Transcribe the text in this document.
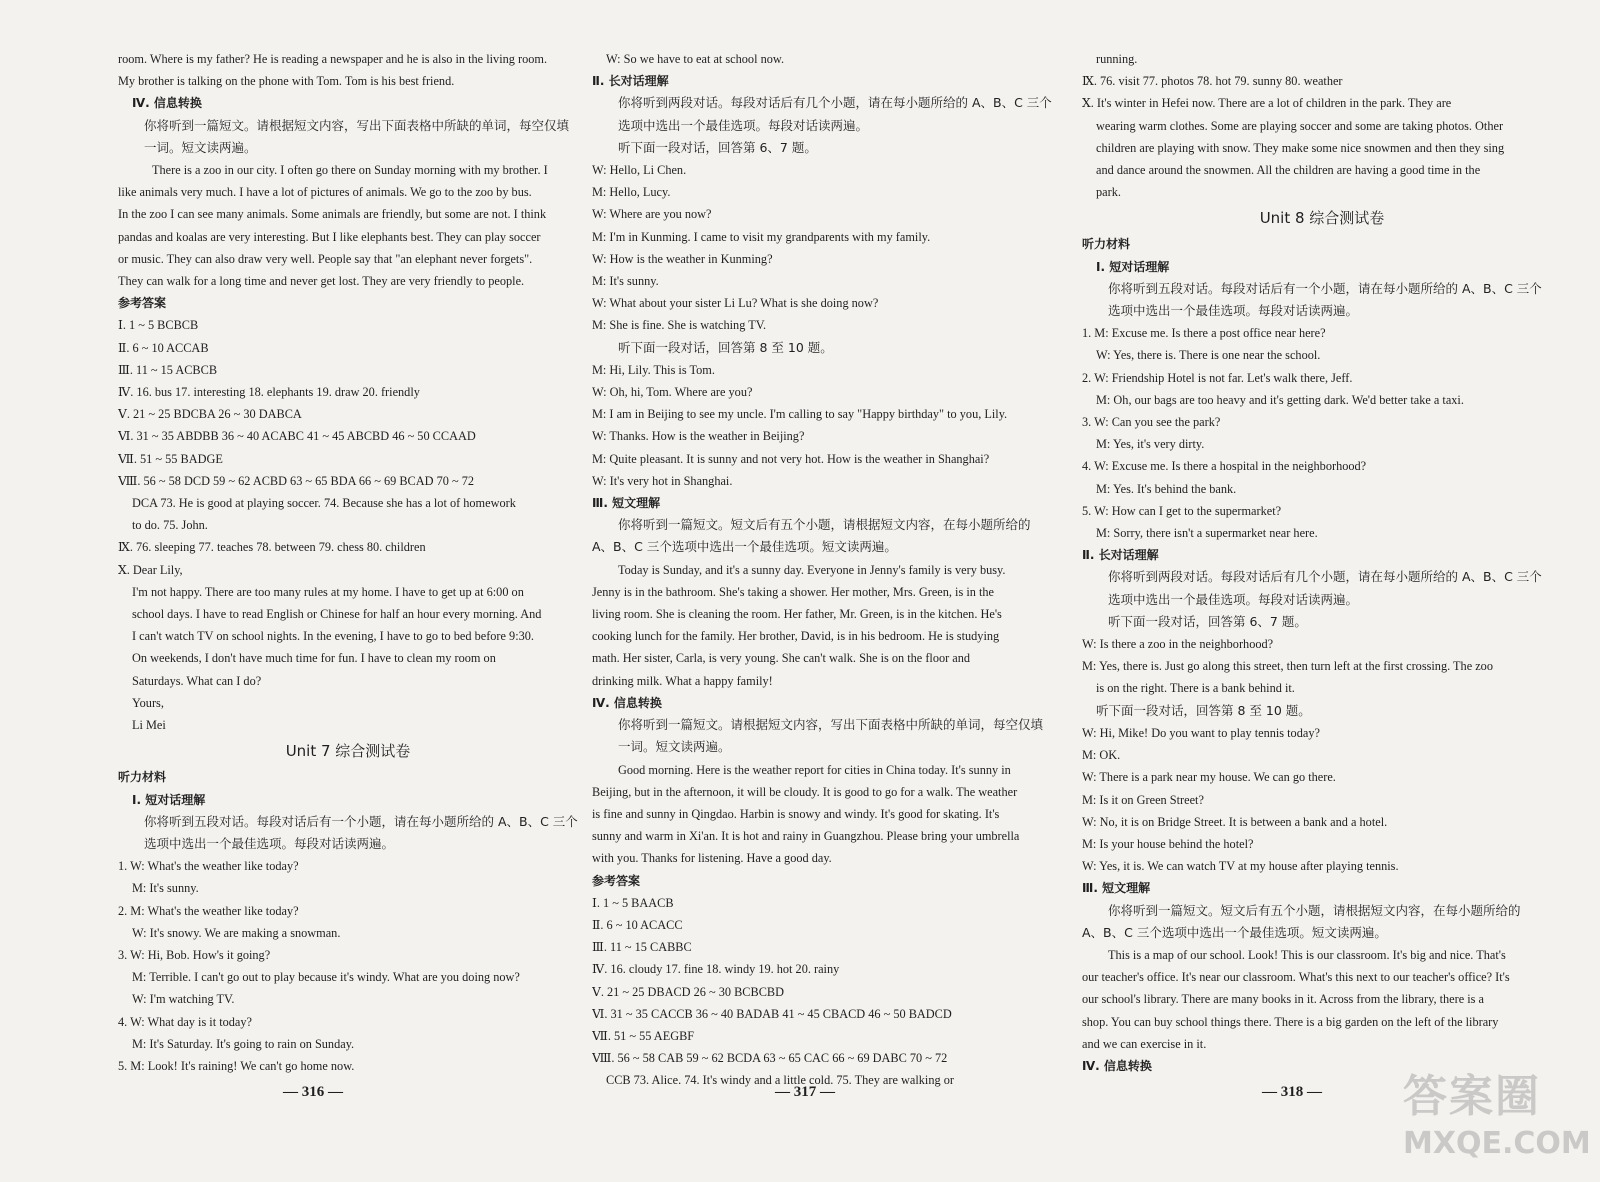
room. Where is my father? He is reading a newspaper and he is also in the living room.
My brother is talking on the phone with Tom. Tom is his best friend.
Ⅳ. 信息转换
你将听到一篇短文。请根据短文内容，写出下面表格中所缺的单词，每空仅填
一词。短文读两遍。
There is a zoo in our city. I often go there on Sunday morning with my brother. I
like animals very much. I have a lot of pictures of animals. We go to the zoo by bus.
In the zoo I can see many animals. Some animals are friendly, but some are not. I think
pandas and koalas are very interesting. But I like elephants best. They can play soccer
or music. They can also draw very well. People say that "an elephant never forgets".
They can walk for a long time and never get lost. They are very friendly to people.
参考答案
Ⅰ. 1 ~ 5 BCBCB
Ⅱ. 6 ~ 10 ACCAB
Ⅲ. 11 ~ 15 ACBCB
Ⅳ. 16. bus 17. interesting 18. elephants 19. draw 20. friendly
Ⅴ. 21 ~ 25 BDCBA 26 ~ 30 DABCA
Ⅵ. 31 ~ 35 ABDBB 36 ~ 40 ACABC 41 ~ 45 ABCBD 46 ~ 50 CCAAD
Ⅶ. 51 ~ 55 BADGE
Ⅷ. 56 ~ 58 DCD 59 ~ 62 ACBD 63 ~ 65 BDA 66 ~ 69 BCAD 70 ~ 72
DCA 73. He is good at playing soccer. 74. Because she has a lot of homework
to do. 75. John.
Ⅸ. 76. sleeping 77. teaches 78. between 79. chess 80. children
Ⅹ. Dear Lily,
I'm not happy. There are too many rules at my home. I have to get up at 6:00 on
school days. I have to read English or Chinese for half an hour every morning. And
I can't watch TV on school nights. In the evening, I have to go to bed before 9:30.
On weekends, I don't have much time for fun. I have to clean my room on
Saturdays. What can I do?
Yours,
Li Mei
Unit 7 综合测试卷
听力材料
Ⅰ. 短对话理解
你将听到五段对话。每段对话后有一个小题，请在每小题所给的 A、B、C 三个
选项中选出一个最佳选项。每段对话读两遍。
1. W: What's the weather like today?
M: It's sunny.
2. M: What's the weather like today?
W: It's snowy. We are making a snowman.
3. W: Hi, Bob. How's it going?
M: Terrible. I can't go out to play because it's windy. What are you doing now?
W: I'm watching TV.
4. W: What day is it today?
M: It's Saturday. It's going to rain on Sunday.
5. M: Look! It's raining! We can't go home now.
W: So we have to eat at school now.
Ⅱ. 长对话理解
你将听到两段对话。每段对话后有几个小题，请在每小题所给的 A、B、C 三个
选项中选出一个最佳选项。每段对话读两遍。
听下面一段对话，回答第 6、7 题。
W: Hello, Li Chen.
M: Hello, Lucy.
W: Where are you now?
M: I'm in Kunming. I came to visit my grandparents with my family.
W: How is the weather in Kunming?
M: It's sunny.
W: What about your sister Li Lu? What is she doing now?
M: She is fine. She is watching TV.
听下面一段对话，回答第 8 至 10 题。
M: Hi, Lily. This is Tom.
W: Oh, hi, Tom. Where are you?
M: I am in Beijing to see my uncle. I'm calling to say "Happy birthday" to you, Lily.
W: Thanks. How is the weather in Beijing?
M: Quite pleasant. It is sunny and not very hot. How is the weather in Shanghai?
W: It's very hot in Shanghai.
Ⅲ. 短文理解
你将听到一篇短文。短文后有五个小题，请根据短文内容，在每小题所给的
A、B、C 三个选项中选出一个最佳选项。短文读两遍。
Today is Sunday, and it's a sunny day. Everyone in Jenny's family is very busy.
Jenny is in the bathroom. She's taking a shower. Her mother, Mrs. Green, is in the
living room. She is cleaning the room. Her father, Mr. Green, is in the kitchen. He's
cooking lunch for the family. Her brother, David, is in his bedroom. He is studying
math. Her sister, Carla, is very young. She can't walk. She is on the floor and
drinking milk. What a happy family!
Ⅳ. 信息转换
你将听到一篇短文。请根据短文内容，写出下面表格中所缺的单词，每空仅填
一词。短文读两遍。
Good morning. Here is the weather report for cities in China today. It's sunny in
Beijing, but in the afternoon, it will be cloudy. It is good to go for a walk. The weather
is fine and sunny in Qingdao. Harbin is snowy and windy. It's good for skating. It's
sunny and warm in Xi'an. It is hot and rainy in Guangzhou. Please bring your umbrella
with you. Thanks for listening. Have a good day.
参考答案
Ⅰ. 1 ~ 5 BAACB
Ⅱ. 6 ~ 10 ACACC
Ⅲ. 11 ~ 15 CABBC
Ⅳ. 16. cloudy 17. fine 18. windy 19. hot 20. rainy
Ⅴ. 21 ~ 25 DBACD 26 ~ 30 BCBCBD
Ⅵ. 31 ~ 35 CACCB 36 ~ 40 BADAB 41 ~ 45 CBACD 46 ~ 50 BADCD
Ⅶ. 51 ~ 55 AEGBF
Ⅷ. 56 ~ 58 CAB 59 ~ 62 BCDA 63 ~ 65 CAC 66 ~ 69 DABC 70 ~ 72
CCB 73. Alice. 74. It's windy and a little cold. 75. They are walking or
running.
Ⅸ. 76. visit 77. photos 78. hot 79. sunny 80. weather
Ⅹ. It's winter in Hefei now. There are a lot of children in the park. They are
wearing warm clothes. Some are playing soccer and some are taking photos. Other
children are playing with snow. They make some nice snowmen and then they sing
and dance around the snowmen. All the children are having a good time in the
park.
Unit 8 综合测试卷
听力材料
Ⅰ. 短对话理解
你将听到五段对话。每段对话后有一个小题，请在每小题所给的 A、B、C 三个
选项中选出一个最佳选项。每段对话读两遍。
1. M: Excuse me. Is there a post office near here?
W: Yes, there is. There is one near the school.
2. W: Friendship Hotel is not far. Let's walk there, Jeff.
M: Oh, our bags are too heavy and it's getting dark. We'd better take a taxi.
3. W: Can you see the park?
M: Yes, it's very dirty.
4. W: Excuse me. Is there a hospital in the neighborhood?
M: Yes. It's behind the bank.
5. W: How can I get to the supermarket?
M: Sorry, there isn't a supermarket near here.
Ⅱ. 长对话理解
你将听到两段对话。每段对话后有几个小题，请在每小题所给的 A、B、C 三个
选项中选出一个最佳选项。每段对话读两遍。
听下面一段对话，回答第 6、7 题。
W: Is there a zoo in the neighborhood?
M: Yes, there is. Just go along this street, then turn left at the first crossing. The zoo
is on the right. There is a bank behind it.
听下面一段对话，回答第 8 至 10 题。
W: Hi, Mike! Do you want to play tennis today?
M: OK.
W: There is a park near my house. We can go there.
M: Is it on Green Street?
W: No, it is on Bridge Street. It is between a bank and a hotel.
M: Is your house behind the hotel?
W: Yes, it is. We can watch TV at my house after playing tennis.
Ⅲ. 短文理解
你将听到一篇短文。短文后有五个小题，请根据短文内容，在每小题所给的
A、B、C 三个选项中选出一个最佳选项。短文读两遍。
This is a map of our school. Look! This is our classroom. It's big and nice. That's
our teacher's office. It's near our classroom. What's this next to our teacher's office? It's
our school's library. There are many books in it. Across from the library, there is a
shop. You can buy school things there. There is a big garden on the left of the library
and we can exercise in it.
Ⅳ. 信息转换
— 316 —	— 317 —	— 318 — 答案圈
MXQE.COM
